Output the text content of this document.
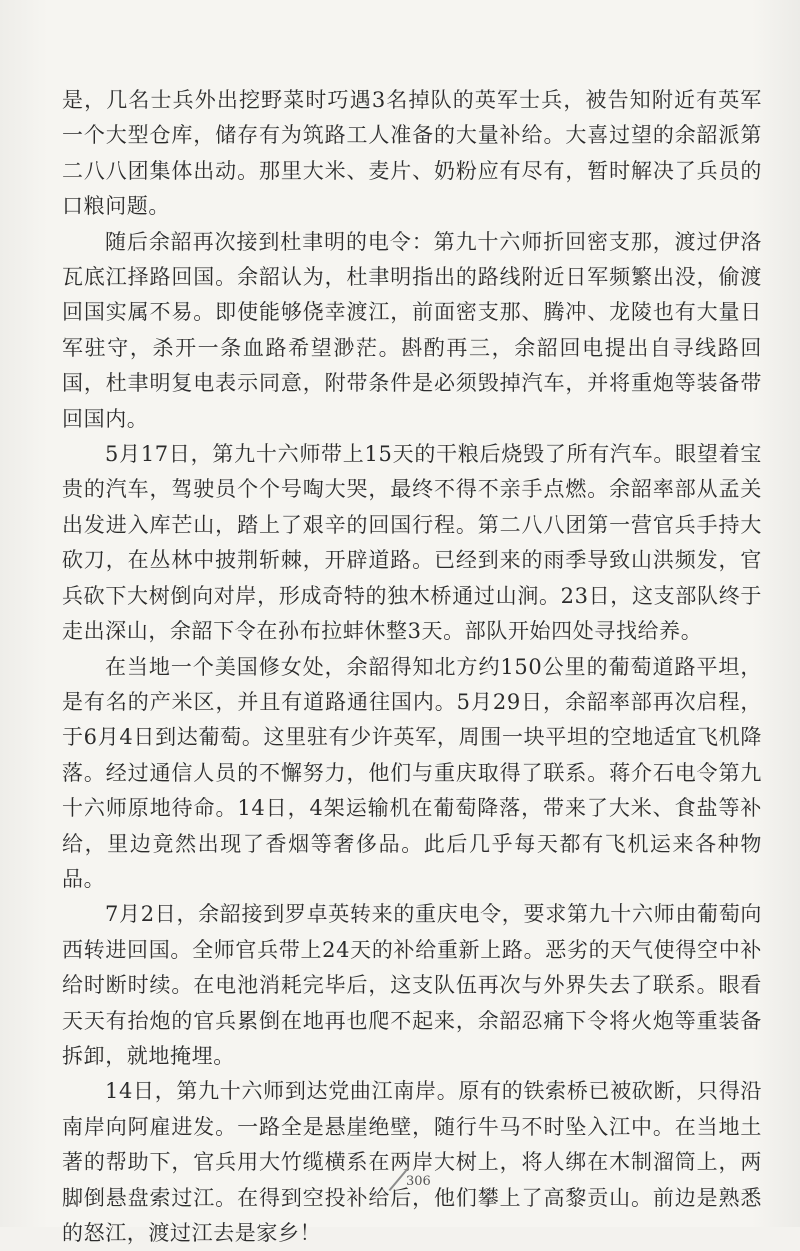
是，几名士兵外出挖野菜时巧遇3名掉队的英军士兵，被告知附近有英军一个大型仓库，储存有为筑路工人准备的大量补给。大喜过望的余韶派第二八八团集体出动。那里大米、麦片、奶粉应有尽有，暂时解决了兵员的口粮问题。

随后余韶再次接到杜聿明的电令：第九十六师折回密支那，渡过伊洛瓦底江择路回国。余韶认为，杜聿明指出的路线附近日军频繁出没，偷渡回国实属不易。即使能够侥幸渡江，前面密支那、腾冲、龙陵也有大量日军驻守，杀开一条血路希望渺茫。斟酌再三，余韶回电提出自寻线路回国，杜聿明复电表示同意，附带条件是必须毁掉汽车，并将重炮等装备带回国内。

5月17日，第九十六师带上15天的干粮后烧毁了所有汽车。眼望着宝贵的汽车，驾驶员个个号啕大哭，最终不得不亲手点燃。余韶率部从孟关出发进入库芒山，踏上了艰辛的回国行程。第二八八团第一营官兵手持大砍刀，在丛林中披荆斩棘，开辟道路。已经到来的雨季导致山洪频发，官兵砍下大树倒向对岸，形成奇特的独木桥通过山涧。23日，这支部队终于走出深山，余韶下令在孙布拉蚌休整3天。部队开始四处寻找给养。

在当地一个美国修女处，余韶得知北方约150公里的葡萄道路平坦，是有名的产米区，并且有道路通往国内。5月29日，余韶率部再次启程，于6月4日到达葡萄。这里驻有少许英军，周围一块平坦的空地适宜飞机降落。经过通信人员的不懈努力，他们与重庆取得了联系。蒋介石电令第九十六师原地待命。14日，4架运输机在葡萄降落，带来了大米、食盐等补给，里边竟然出现了香烟等奢侈品。此后几乎每天都有飞机运来各种物品。

7月2日，余韶接到罗卓英转来的重庆电令，要求第九十六师由葡萄向西转进回国。全师官兵带上24天的补给重新上路。恶劣的天气使得空中补给时断时续。在电池消耗完毕后，这支队伍再次与外界失去了联系。眼看天天有抬炮的官兵累倒在地再也爬不起来，余韶忍痛下令将火炮等重装备拆卸，就地掩埋。

14日，第九十六师到达党曲江南岸。原有的铁索桥已被砍断，只得沿南岸向阿雇进发。一路全是悬崖绝壁，随行牛马不时坠入江中。在当地土著的帮助下，官兵用大竹缆横系在两岸大树上，将人绑在木制溜筒上，两脚倒悬盘索过江。在得到空投补给后，他们攀上了高黎贡山。前边是熟悉的怒江，渡过江去是家乡！

306
